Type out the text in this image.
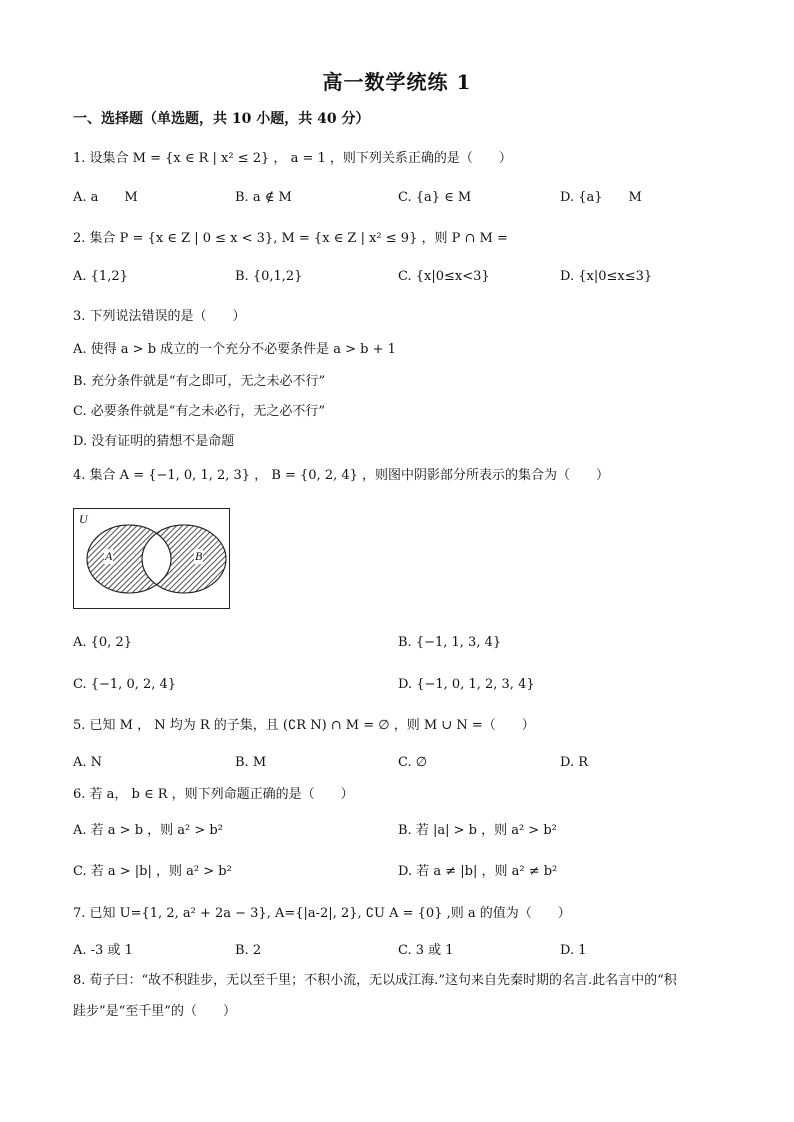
高一数学统练 1
一、选择题（单选题，共 10 小题，共 40 分）
1. 设集合 M = {x ∈ R | x² ≤ 2} ， a = 1 ，则下列关系正确的是（　　）
A. a　　M	B. a ∉ M	C. {a} ∈ M	D. {a}　　M
2. 集合 P = {x ∈ Z | 0 ≤ x < 3}, M = {x ∈ Z | x² ≤ 9} ，则 P ∩ M =
A. {1,2}	B. {0,1,2}	C. {x|0≤x<3}	D. {x|0≤x≤3}
3. 下列说法错误的是（　　）
A. 使得 a > b 成立的一个充分不必要条件是 a > b + 1
B. 充分条件就是“有之即可，无之未必不行”
C. 必要条件就是“有之未必行，无之必不行”
D. 没有证明的猜想不是命题
4. 集合 A = {−1, 0, 1, 2, 3} ， B = {0, 2, 4} ，则图中阴影部分所表示的集合为（　　）
U
A	B
A. {0, 2}	B. {−1, 1, 3, 4}
C. {−1, 0, 2, 4}	D. {−1, 0, 1, 2, 3, 4}
5. 已知 M ， N 均为 R 的子集，且 (∁R N) ∩ M = ∅ ，则 M ∪ N =（　　）
A. N	B. M	C. ∅	D. R
6. 若 a， b ∈ R ，则下列命题正确的是（　　）
A. 若 a > b ，则 a² > b²	B. 若 |a| > b ，则 a² > b²
C. 若 a > |b| ，则 a² > b²	D. 若 a ≠ |b| ，则 a² ≠ b²
7. 已知 U={1, 2, a² + 2a − 3}, A={|a-2|, 2}, ∁U A = {0} ,则 a 的值为（　　）
A. -3 或 1	B. 2	C. 3 或 1	D. 1
8. 荀子曰：“故不积跬步，无以至千里；不积小流，无以成江海.”这句来自先秦时期的名言.此名言中的“积
跬步”是“至千里”的（　　）
